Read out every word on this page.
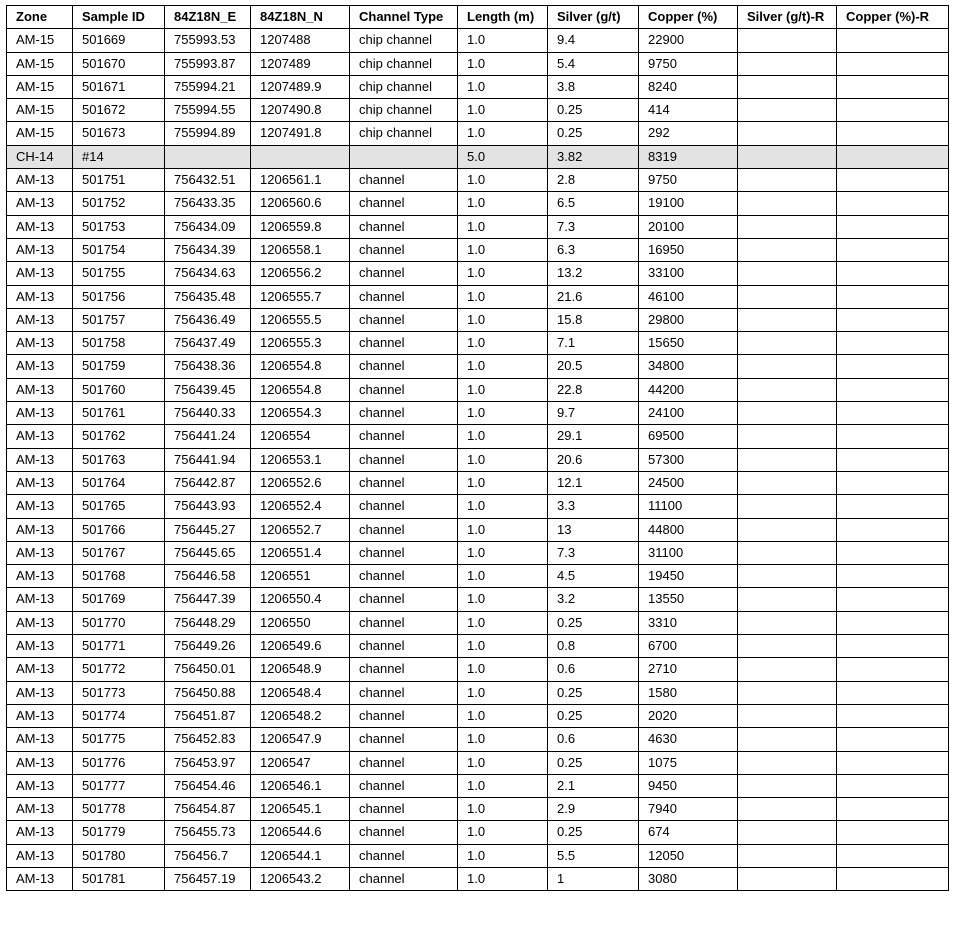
Zone	Sample ID	84Z18N_E	84Z18N_N	Channel Type	Length (m)	Silver (g/t)	Copper (%)	Silver (g/t)-R	Copper (%)-R
AM-15	501669	755993.53	1207488	chip channel	1.0	9.4	22900		
AM-15	501670	755993.87	1207489	chip channel	1.0	5.4	9750		
AM-15	501671	755994.21	1207489.9	chip channel	1.0	3.8	8240		
AM-15	501672	755994.55	1207490.8	chip channel	1.0	0.25	414		
AM-15	501673	755994.89	1207491.8	chip channel	1.0	0.25	292		
CH-14	#14				5.0	3.82	8319		
AM-13	501751	756432.51	1206561.1	channel	1.0	2.8	9750		
AM-13	501752	756433.35	1206560.6	channel	1.0	6.5	19100		
AM-13	501753	756434.09	1206559.8	channel	1.0	7.3	20100		
AM-13	501754	756434.39	1206558.1	channel	1.0	6.3	16950		
AM-13	501755	756434.63	1206556.2	channel	1.0	13.2	33100		
AM-13	501756	756435.48	1206555.7	channel	1.0	21.6	46100		
AM-13	501757	756436.49	1206555.5	channel	1.0	15.8	29800		
AM-13	501758	756437.49	1206555.3	channel	1.0	7.1	15650		
AM-13	501759	756438.36	1206554.8	channel	1.0	20.5	34800		
AM-13	501760	756439.45	1206554.8	channel	1.0	22.8	44200		
AM-13	501761	756440.33	1206554.3	channel	1.0	9.7	24100		
AM-13	501762	756441.24	1206554	channel	1.0	29.1	69500		
AM-13	501763	756441.94	1206553.1	channel	1.0	20.6	57300		
AM-13	501764	756442.87	1206552.6	channel	1.0	12.1	24500		
AM-13	501765	756443.93	1206552.4	channel	1.0	3.3	11100		
AM-13	501766	756445.27	1206552.7	channel	1.0	13	44800		
AM-13	501767	756445.65	1206551.4	channel	1.0	7.3	31100		
AM-13	501768	756446.58	1206551	channel	1.0	4.5	19450		
AM-13	501769	756447.39	1206550.4	channel	1.0	3.2	13550		
AM-13	501770	756448.29	1206550	channel	1.0	0.25	3310		
AM-13	501771	756449.26	1206549.6	channel	1.0	0.8	6700		
AM-13	501772	756450.01	1206548.9	channel	1.0	0.6	2710		
AM-13	501773	756450.88	1206548.4	channel	1.0	0.25	1580		
AM-13	501774	756451.87	1206548.2	channel	1.0	0.25	2020		
AM-13	501775	756452.83	1206547.9	channel	1.0	0.6	4630		
AM-13	501776	756453.97	1206547	channel	1.0	0.25	1075		
AM-13	501777	756454.46	1206546.1	channel	1.0	2.1	9450		
AM-13	501778	756454.87	1206545.1	channel	1.0	2.9	7940		
AM-13	501779	756455.73	1206544.6	channel	1.0	0.25	674		
AM-13	501780	756456.7	1206544.1	channel	1.0	5.5	12050		
AM-13	501781	756457.19	1206543.2	channel	1.0	1	3080		
